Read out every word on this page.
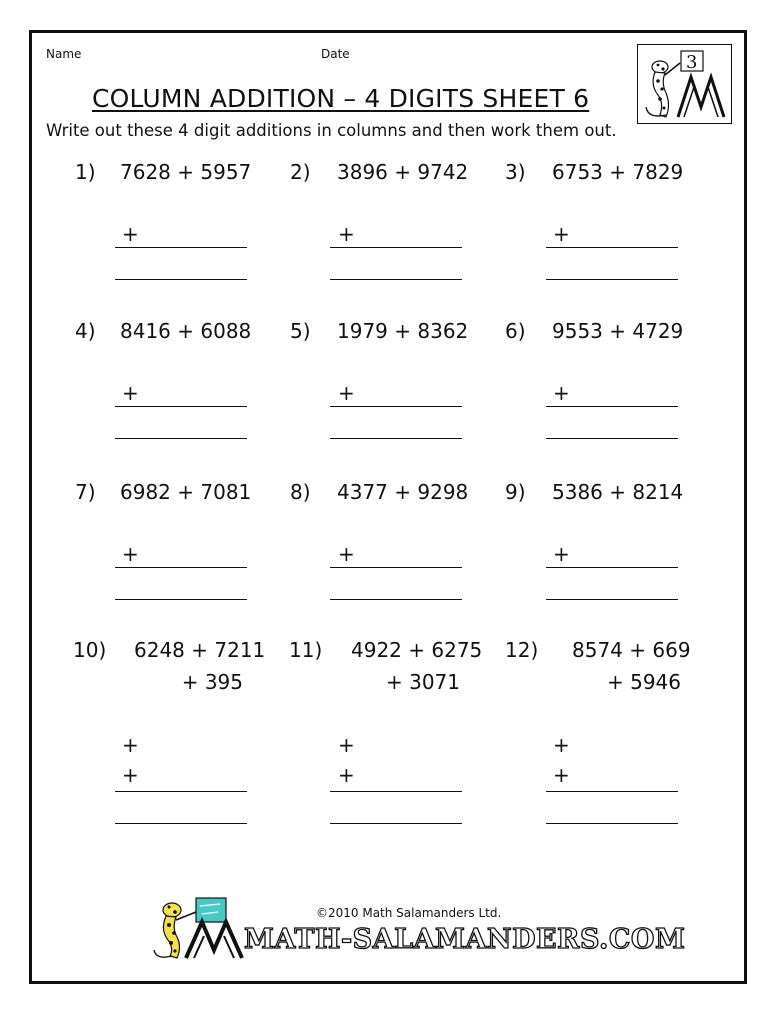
Name	Date
COLUMN ADDITION – 4 DIGITS SHEET 6
Write out these 4 digit additions in columns and then work them out.
3
1) 7628 + 5957
+
2) 3896 + 9742
+
3) 6753 + 7829
+
4) 8416 + 6088
+
5) 1979 + 8362
+
6) 9553 + 4729
+
7) 6982 + 7081
+
8) 4377 + 9298
+
9) 5386 + 8214
+
10) 6248 + 7211
+ 395
+
+
11) 4922 + 6275
+ 3071
+
+
12) 8574 + 669
+ 5946
+
+
©2010 Math Salamanders Ltd.
MATH-SALAMANDERS.COM
